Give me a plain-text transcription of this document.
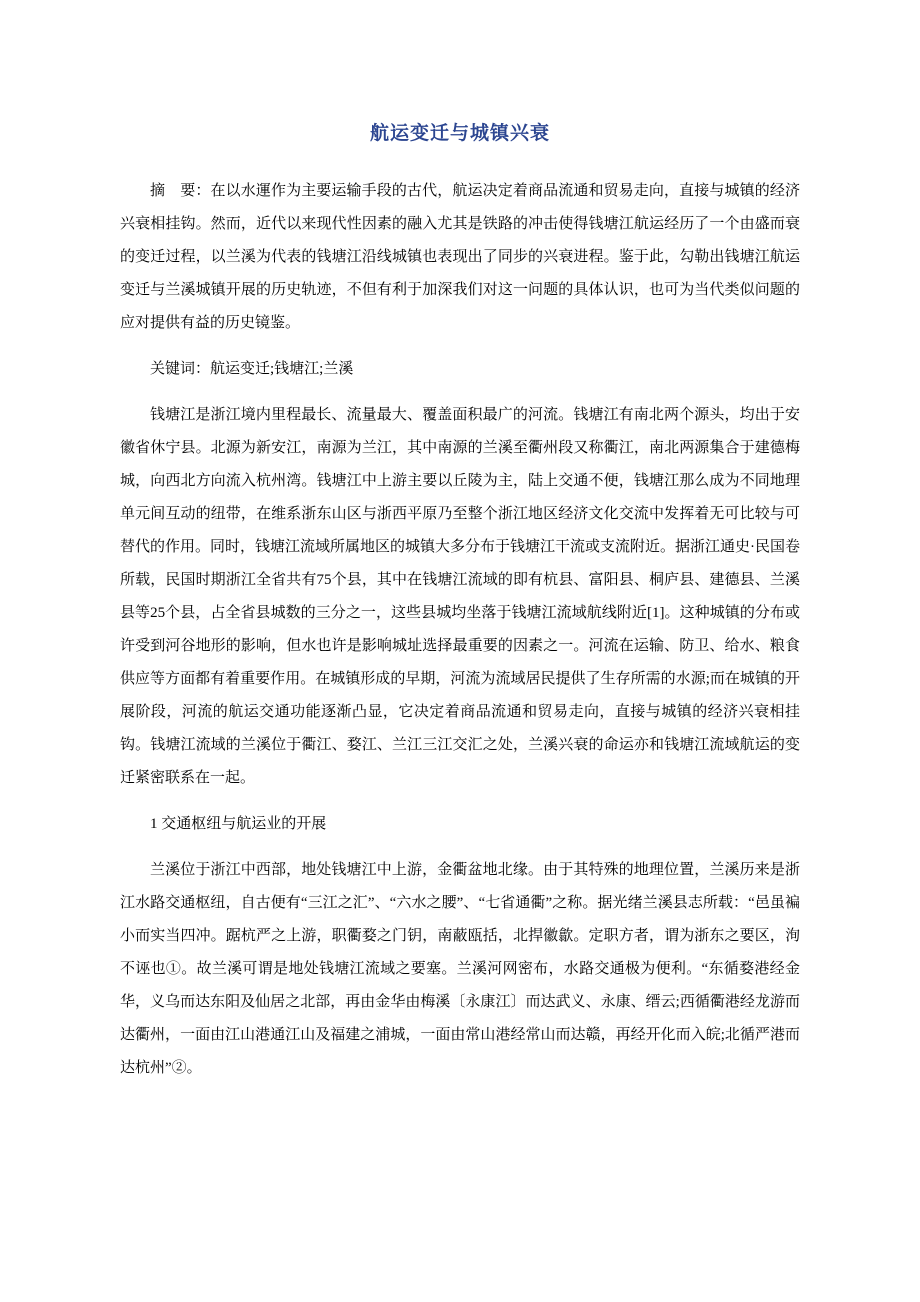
航运变迁与城镇兴衰

摘　要：在以水運作为主要运输手段的古代，航运决定着商品流通和贸易走向，直接与城镇的经济兴衰相挂钩。然而，近代以来现代性因素的融入尤其是铁路的冲击使得钱塘江航运经历了一个由盛而衰的变迁过程，以兰溪为代表的钱塘江沿线城镇也表现出了同步的兴衰进程。鉴于此，勾勒出钱塘江航运变迁与兰溪城镇开展的历史轨迹，不但有利于加深我们对这一问题的具体认识，也可为当代类似问题的应对提供有益的历史镜鉴。

关键词：航运变迁;钱塘江;兰溪

钱塘江是浙江境内里程最长、流量最大、覆盖面积最广的河流。钱塘江有南北两个源头，均出于安徽省休宁县。北源为新安江，南源为兰江，其中南源的兰溪至衢州段又称衢江，南北两源集合于建德梅城，向西北方向流入杭州湾。钱塘江中上游主要以丘陵为主，陆上交通不便，钱塘江那么成为不同地理单元间互动的纽带，在维系浙东山区与浙西平原乃至整个浙江地区经济文化交流中发挥着无可比较与可替代的作用。同时，钱塘江流域所属地区的城镇大多分布于钱塘江干流或支流附近。据浙江通史·民国卷所载，民国时期浙江全省共有75个县，其中在钱塘江流域的即有杭县、富阳县、桐庐县、建德县、兰溪县等25个县，占全省县城数的三分之一，这些县城均坐落于钱塘江流域航线附近[1]。这种城镇的分布或许受到河谷地形的影响，但水也许是影响城址选择最重要的因素之一。河流在运输、防卫、给水、粮食供应等方面都有着重要作用。在城镇形成的早期，河流为流域居民提供了生存所需的水源;而在城镇的开展阶段，河流的航运交通功能逐渐凸显，它决定着商品流通和贸易走向，直接与城镇的经济兴衰相挂钩。钱塘江流域的兰溪位于衢江、婺江、兰江三江交汇之处，兰溪兴衰的命运亦和钱塘江流域航运的变迁紧密联系在一起。

1 交通枢纽与航运业的开展

兰溪位于浙江中西部，地处钱塘江中上游，金衢盆地北缘。由于其特殊的地理位置，兰溪历来是浙江水路交通枢纽，自古便有“三江之汇”、“六水之腰”、“七省通衢”之称。据光绪兰溪县志所载：“邑虽褊小而实当四冲。踞杭严之上游，职衢婺之门钥，南蔽瓯括，北捍徽歙。定职方者，谓为浙东之要区，洵不诬也①。故兰溪可谓是地处钱塘江流域之要塞。兰溪河网密布，水路交通极为便利。“东循婺港经金华，义乌而达东阳及仙居之北部，再由金华由梅溪〔永康江〕而达武义、永康、缙云;西循衢港经龙游而达衢州，一面由江山港通江山及福建之浦城，一面由常山港经常山而达赣，再经开化而入皖;北循严港而达杭州”②。
